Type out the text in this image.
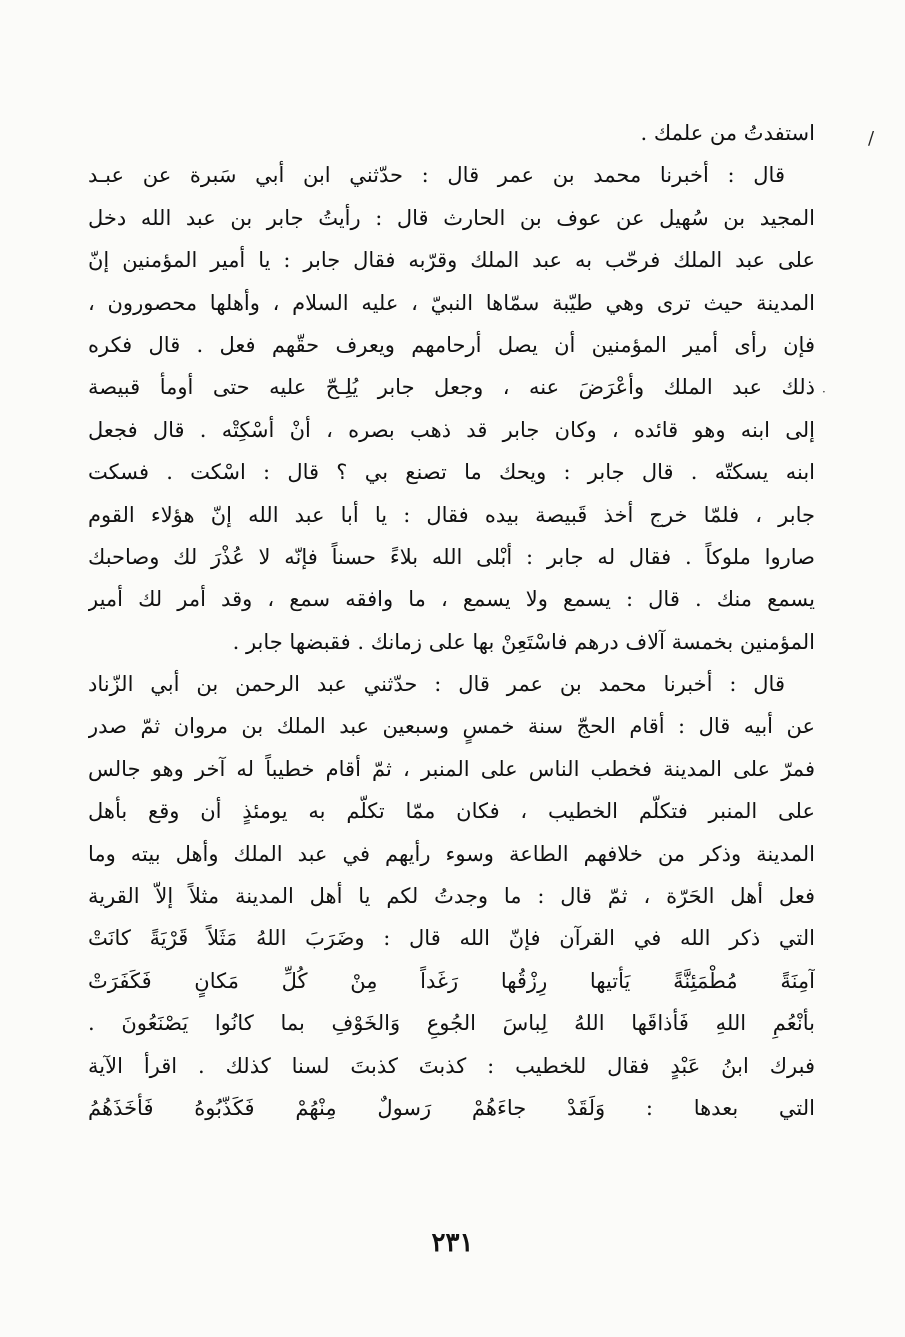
/
·
استفدتُ من علمك .
قال : أخبرنا محمد بن عمر قال : حدّثني ابن أبي سَبرة عن عبـد
المجيد بن سُهيل عن عوف بن الحارث قال : رأيتُ جابر بن عبد الله دخل
على عبد الملك فرحّب به عبد الملك وقرّبه فقال جابر : يا أمير المؤمنين إنّ
المدينة حيث ترى وهي طيّبة سمّاها النبيّ ، عليه السلام ، وأهلها محصورون ،
فإن رأى أمير المؤمنين أن يصل أرحامهم ويعرف حقّهم فعل . قال فكره
ذلك عبد الملك وأعْرَضَ عنه ، وجعل جابر يُلِـحّ عليه حتى أومأ قبيصة
إلى ابنه وهو قائده ، وكان جابر قد ذهب بصره ، أنْ أسْكِتْه . قال فجعل
ابنه يسكتّه . قال جابر : ويحك ما تصنع بي ؟ قال : اسْكت . فسكت
جابر ، فلمّا خرج أخذ قَبيصة بيده فقال : يا أبا عبد الله إنّ هؤلاء القوم
صاروا ملوكاً . فقال له جابر : أبْلى الله بلاءً حسناً فإنّه لا عُذْرَ لك وصاحبك
يسمع منك . قال : يسمع ولا يسمع ، ما وافقه سمع ، وقد أمر لك أمير
المؤمنين بخمسة آلاف درهم فاسْتَعِنْ بها على زمانك . فقبضها جابر .
قال : أخبرنا محمد بن عمر قال : حدّثني عبد الرحمن بن أبي الزّناد
عن أبيه قال : أقام الحجّ سنة خمسٍ وسبعين عبد الملك بن مروان ثمّ صدر
فمرّ على المدينة فخطب الناس على المنبر ، ثمّ أقام خطيباً له آخر وهو جالس
على المنبر فتكلّم الخطيب ، فكان ممّا تكلّم به يومئذٍ أن وقع بأهل
المدينة وذكر من خلافهم الطاعة وسوء رأيهم في عبد الملك وأهل بيته وما
فعل أهل الحَرّة ، ثمّ قال : ما وجدتُ لكم يا أهل المدينة مثلاً إلاّ القرية
التي ذكر الله في القرآن فإنّ الله قال : وضَرَبَ اللهُ مَثَلاً قَرْيَةً كانَتْ
آمِنَةً مُطْمَئِنَّةً يَأتيها رِزْقُها رَغَداً مِنْ كُلِّ مَكانٍ فَكَفَرَتْ
بأنْعُمِ اللهِ فَأذاقَها اللهُ لِباسَ الجُوعِ وَالخَوْفِ بما كانُوا يَصْنَعُونَ .
فبرك ابنُ عَبْدٍ فقال للخطيب : كذبتَ كذبتَ لسنا كذلك . اقرأ الآية
التي بعدها : وَلَقَدْ جاءَهُمْ رَسولٌ مِنْهُمْ فَكَذّبُوهُ فَأخَذَهُمُ
٢٣١
